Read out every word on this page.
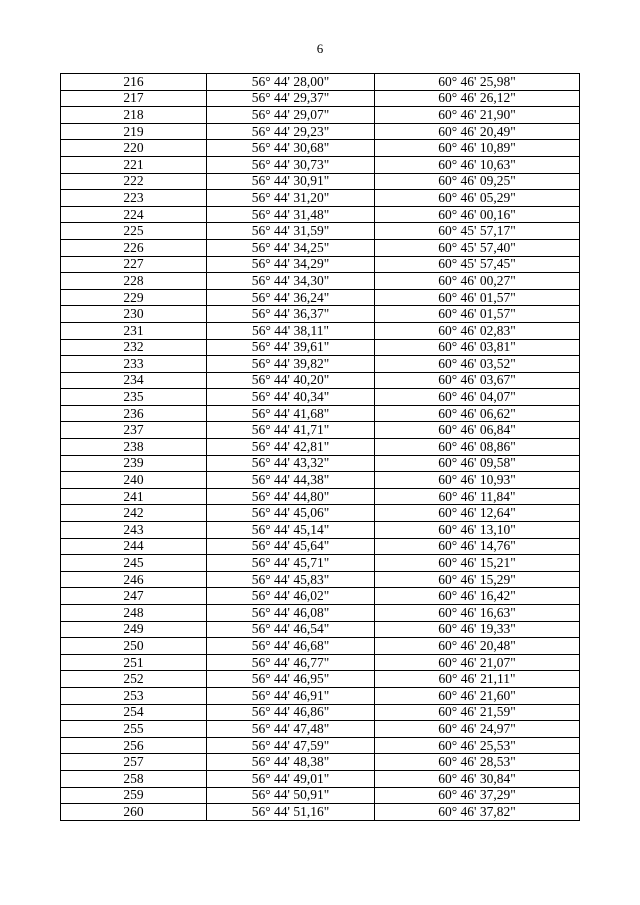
6
216	56° 44' 28,00"	60° 46' 25,98"
217	56° 44' 29,37"	60° 46' 26,12"
218	56° 44' 29,07"	60° 46' 21,90"
219	56° 44' 29,23"	60° 46' 20,49"
220	56° 44' 30,68"	60° 46' 10,89"
221	56° 44' 30,73"	60° 46' 10,63"
222	56° 44' 30,91"	60° 46' 09,25"
223	56° 44' 31,20"	60° 46' 05,29"
224	56° 44' 31,48"	60° 46' 00,16"
225	56° 44' 31,59"	60° 45' 57,17"
226	56° 44' 34,25"	60° 45' 57,40"
227	56° 44' 34,29"	60° 45' 57,45"
228	56° 44' 34,30"	60° 46' 00,27"
229	56° 44' 36,24"	60° 46' 01,57"
230	56° 44' 36,37"	60° 46' 01,57"
231	56° 44' 38,11"	60° 46' 02,83"
232	56° 44' 39,61"	60° 46' 03,81"
233	56° 44' 39,82"	60° 46' 03,52"
234	56° 44' 40,20"	60° 46' 03,67"
235	56° 44' 40,34"	60° 46' 04,07"
236	56° 44' 41,68"	60° 46' 06,62"
237	56° 44' 41,71"	60° 46' 06,84"
238	56° 44' 42,81"	60° 46' 08,86"
239	56° 44' 43,32"	60° 46' 09,58"
240	56° 44' 44,38"	60° 46' 10,93"
241	56° 44' 44,80"	60° 46' 11,84"
242	56° 44' 45,06"	60° 46' 12,64"
243	56° 44' 45,14"	60° 46' 13,10"
244	56° 44' 45,64"	60° 46' 14,76"
245	56° 44' 45,71"	60° 46' 15,21"
246	56° 44' 45,83"	60° 46' 15,29"
247	56° 44' 46,02"	60° 46' 16,42"
248	56° 44' 46,08"	60° 46' 16,63"
249	56° 44' 46,54"	60° 46' 19,33"
250	56° 44' 46,68"	60° 46' 20,48"
251	56° 44' 46,77"	60° 46' 21,07"
252	56° 44' 46,95"	60° 46' 21,11"
253	56° 44' 46,91"	60° 46' 21,60"
254	56° 44' 46,86"	60° 46' 21,59"
255	56° 44' 47,48"	60° 46' 24,97"
256	56° 44' 47,59"	60° 46' 25,53"
257	56° 44' 48,38"	60° 46' 28,53"
258	56° 44' 49,01"	60° 46' 30,84"
259	56° 44' 50,91"	60° 46' 37,29"
260	56° 44' 51,16"	60° 46' 37,82"
